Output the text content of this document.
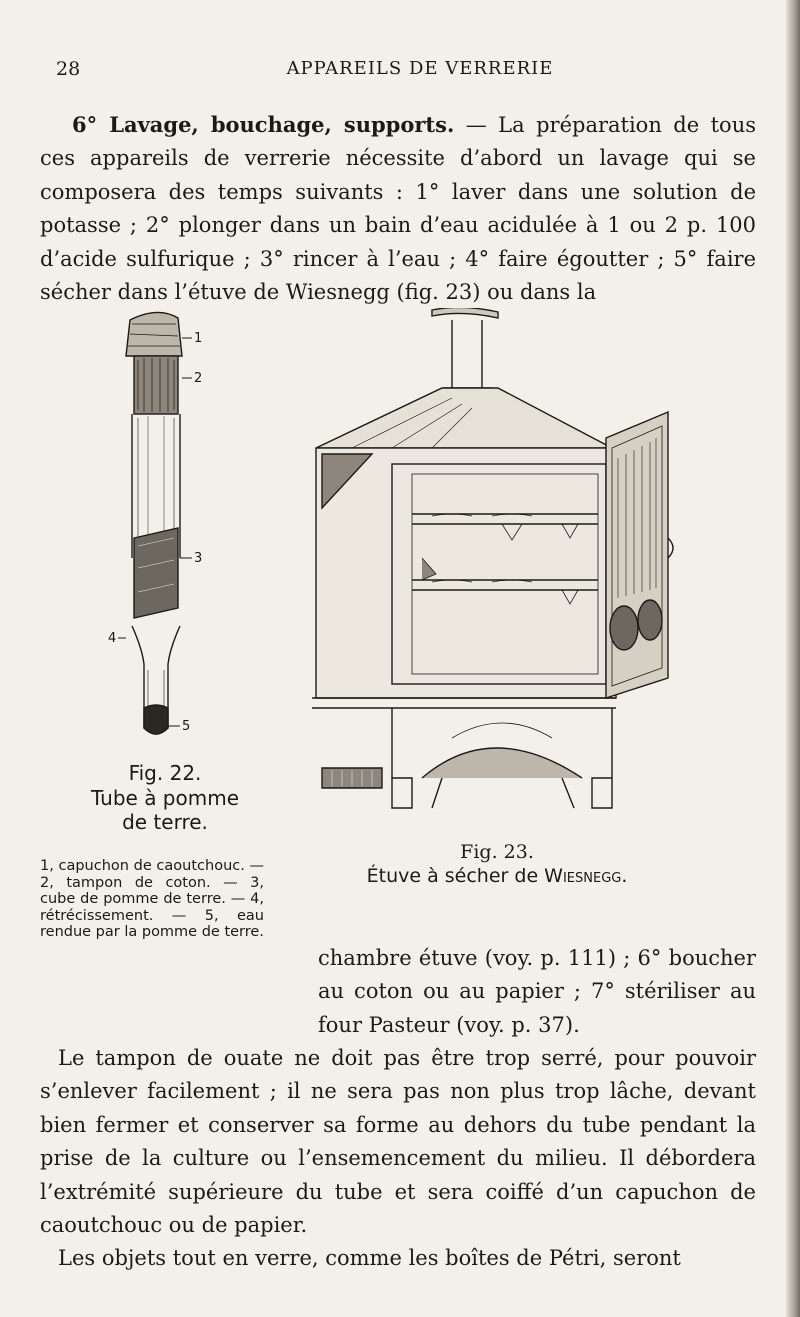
28	APPAREILS DE VERRERIE

6° Lavage, bouchage, supports. — La préparation de tous ces appareils de verrerie nécessite d’abord un lavage qui se composera des temps suivants : 1° laver dans une solution de potasse ; 2° plonger dans un bain d’eau acidulée à 1 ou 2 p. 100 d’acide sulfurique ; 3° rincer à l’eau ; 4° faire égoutter ; 5° faire sécher dans l’étuve de Wiesnegg (fig. 23) ou dans la

1
2
3
4
5
Fig. 22.
Tube à pomme
de terre.
1, capuchon de caoutchouc. — 2, tampon de coton. — 3, cube de pomme de terre. — 4, rétrécissement. — 5, eau rendue par la pomme de terre.
Fig. 23.
Étuve à sécher de Wiesnegg.

chambre étuve (voy. p. 111) ; 6° boucher au coton ou au papier ; 7° stériliser au four Pasteur (voy. p. 37).

Le tampon de ouate ne doit pas être trop serré, pour pouvoir s’enlever facilement ; il ne sera pas non plus trop lâche, devant bien fermer et conserver sa forme au dehors du tube pendant la prise de la culture ou l’ensemencement du milieu. Il débordera l’extrémité supérieure du tube et sera coiffé d’un capuchon de caoutchouc ou de papier.

Les objets tout en verre, comme les boîtes de Pétri, seront
